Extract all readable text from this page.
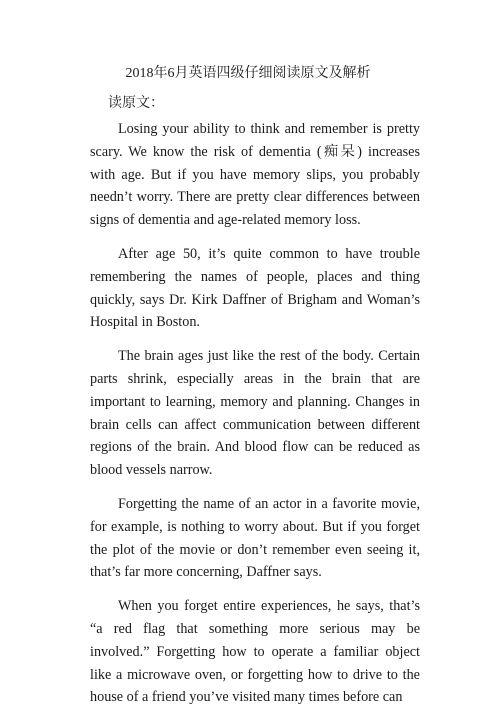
2018年6月英语四级仔细阅读原文及解析

读原文：

Losing your ability to think and remember is pretty scary. We know the risk of dementia (痴呆) increases with age. But if you have memory slips, you probably needn’t worry. There are pretty clear differences between signs of dementia and age-related memory loss.

After age 50, it’s quite common to have trouble remembering the names of people, places and thing quickly, says Dr. Kirk Daffner of Brigham and Woman’s Hospital in Boston.

The brain ages just like the rest of the body. Certain parts shrink, especially areas in the brain that are important to learning, memory and planning. Changes in brain cells can affect communication between different regions of the brain. And blood flow can be reduced as blood vessels narrow.

Forgetting the name of an actor in a favorite movie, for example, is nothing to worry about. But if you forget the plot of the movie or don’t remember even seeing it, that’s far more concerning, Daffner says.

When you forget entire experiences, he says, that’s “a red flag that something more serious may be involved.” Forgetting how to operate a familiar object like a microwave oven, or forgetting how to drive to the house of a friend you’ve visited many times before can
